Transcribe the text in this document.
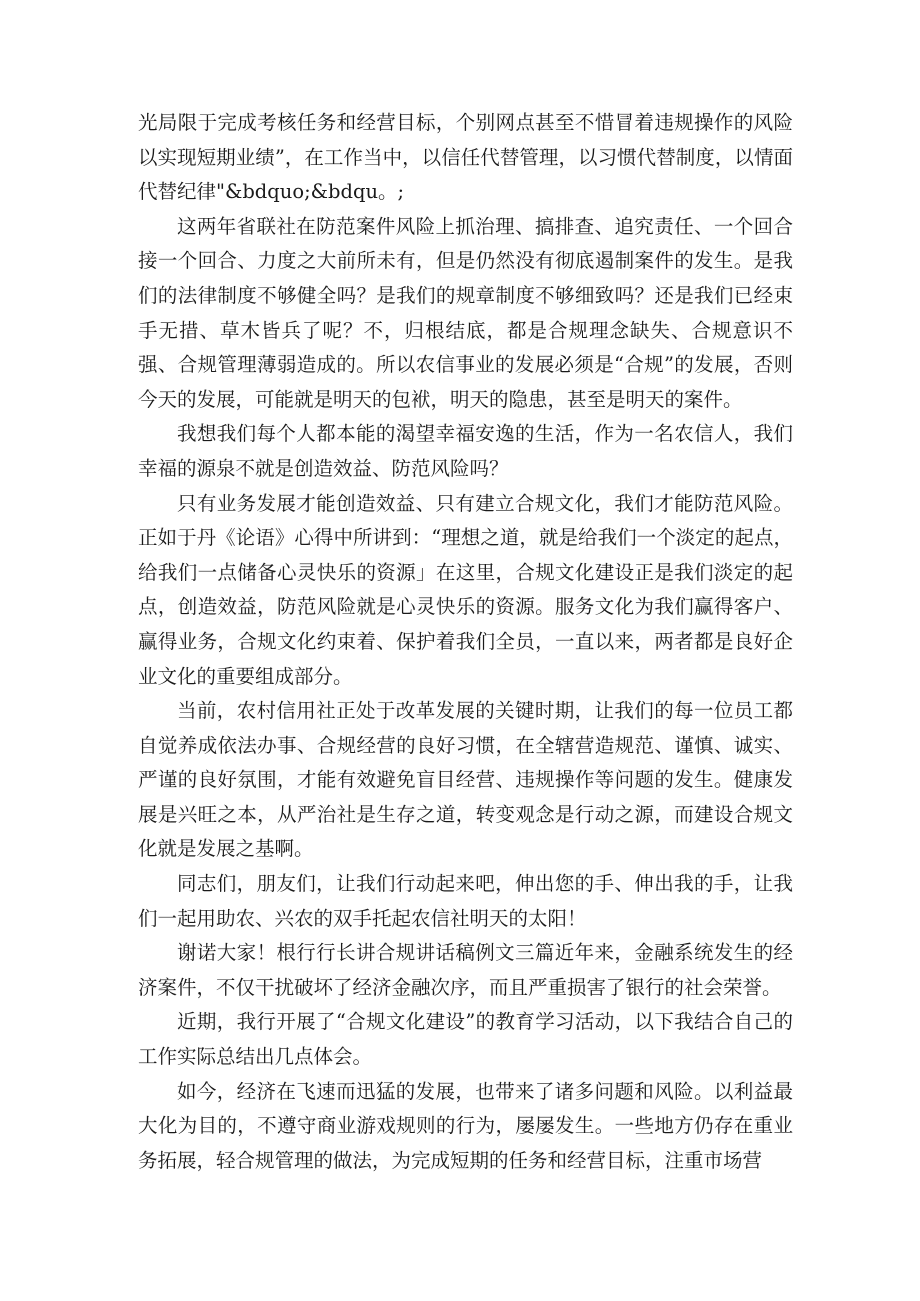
光局限于完成考核任务和经营目标，个别网点甚至不惜冒着违规操作的风险以实现短期业绩”，在工作当中，以信任代替管理，以习惯代替制度，以情面代替纪律"&bdquo;&bdqu。;

这两年省联社在防范案件风险上抓治理、搞排查、追究责任、一个回合接一个回合、力度之大前所未有，但是仍然没有彻底遏制案件的发生。是我们的法律制度不够健全吗？是我们的规章制度不够细致吗？还是我们已经束手无措、草木皆兵了呢？不，归根结底，都是合规理念缺失、合规意识不强、合规管理薄弱造成的。所以农信事业的发展必须是“合规”的发展，否则今天的发展，可能就是明天的包袱，明天的隐患，甚至是明天的案件。

我想我们每个人都本能的渴望幸福安逸的生活，作为一名农信人，我们幸福的源泉不就是创造效益、防范风险吗？

只有业务发展才能创造效益、只有建立合规文化，我们才能防范风险。正如于丹《论语》心得中所讲到：“理想之道，就是给我们一个淡定的起点，给我们一点储备心灵快乐的资源」在这里，合规文化建设正是我们淡定的起点，创造效益，防范风险就是心灵快乐的资源。服务文化为我们赢得客户、赢得业务，合规文化约束着、保护着我们全员，一直以来，两者都是良好企业文化的重要组成部分。

当前，农村信用社正处于改革发展的关键时期，让我们的每一位员工都自觉养成依法办事、合规经营的良好习惯，在全辖营造规范、谨慎、诚实、严谨的良好氛围，才能有效避免盲目经营、违规操作等问题的发生。健康发展是兴旺之本，从严治社是生存之道，转变观念是行动之源，而建设合规文化就是发展之基啊。

同志们，朋友们，让我们行动起来吧，伸出您的手、伸出我的手，让我们一起用助农、兴农的双手托起农信社明天的太阳！

谢诺大家！根行行长讲合规讲话稿例文三篇近年来，金融系统发生的经济案件，不仅干扰破坏了经济金融次序，而且严重损害了银行的社会荣誉。

近期，我行开展了“合规文化建设”的教育学习活动，以下我结合自己的工作实际总结出几点体会。

如今，经济在飞速而迅猛的发展，也带来了诸多问题和风险。以利益最大化为目的，不遵守商业游戏规则的行为，屡屡发生。一些地方仍存在重业务拓展，轻合规管理的做法，为完成短期的任务和经营目标，注重市场营
